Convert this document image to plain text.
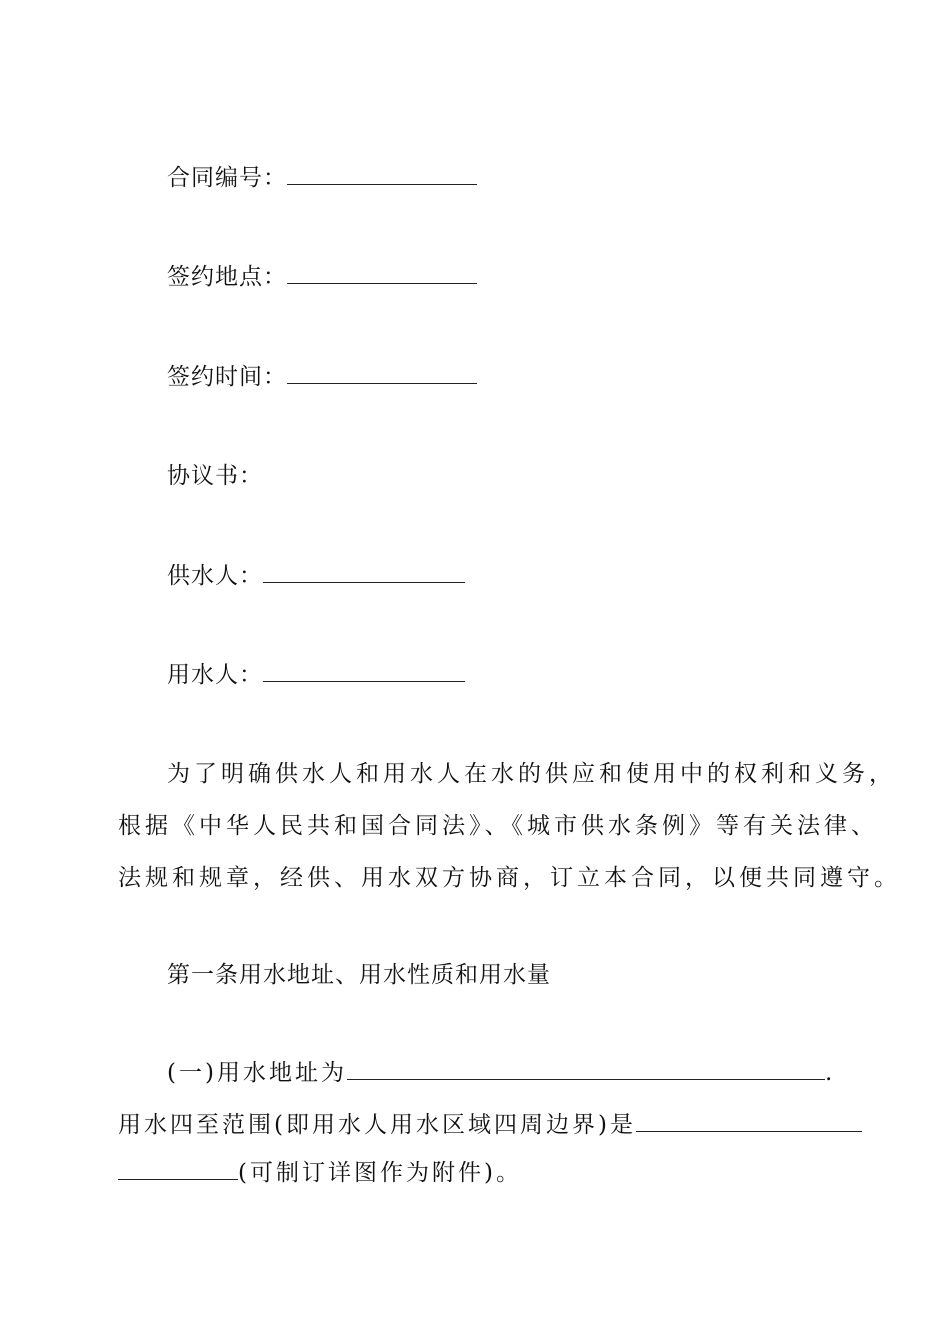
合同编号：
签约地点：
签约时间：
协议书：
供水人：
用水人：
为了明确供水人和用水人在水的供应和使用中的权利和义务，
根据《中华人民共和国合同法》、《城市供水条例》等有关法律、
法规和规章，经供、用水双方协商，订立本合同，以便共同遵守。
第一条用水地址、用水性质和用水量
(一)用水地址为	.
用水四至范围(即用水人用水区域四周边界)是
(可制订详图作为附件)。
